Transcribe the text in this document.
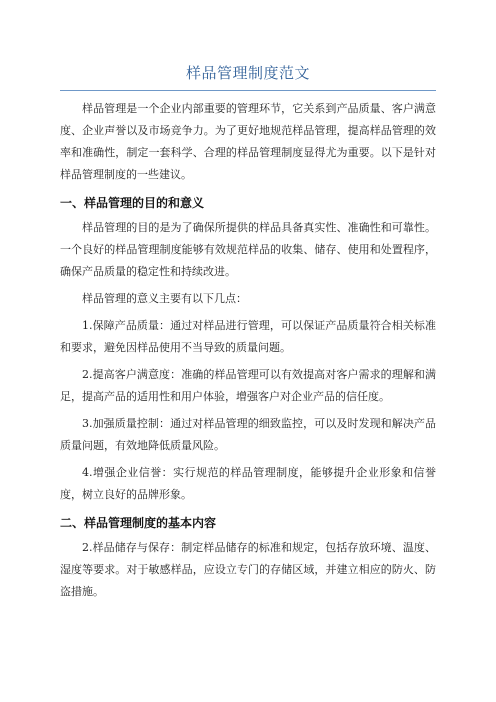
样品管理制度范文

样品管理是一个企业内部重要的管理环节，它关系到产品质量、客户满意度、企业声誉以及市场竞争力。为了更好地规范样品管理，提高样品管理的效率和准确性，制定一套科学、合理的样品管理制度显得尤为重要。以下是针对样品管理制度的一些建议。

一、样品管理的目的和意义

样品管理的目的是为了确保所提供的样品具备真实性、准确性和可靠性。一个良好的样品管理制度能够有效规范样品的收集、储存、使用和处置程序，确保产品质量的稳定性和持续改进。

样品管理的意义主要有以下几点：

1.保障产品质量：通过对样品进行管理，可以保证产品质量符合相关标准和要求，避免因样品使用不当导致的质量问题。

2.提高客户满意度：准确的样品管理可以有效提高对客户需求的理解和满足，提高产品的适用性和用户体验，增强客户对企业产品的信任度。

3.加强质量控制：通过对样品管理的细致监控，可以及时发现和解决产品质量问题，有效地降低质量风险。

4.增强企业信誉：实行规范的样品管理制度，能够提升企业形象和信誉度，树立良好的品牌形象。

二、样品管理制度的基本内容

2.样品储存与保存：制定样品储存的标准和规定，包括存放环境、温度、湿度等要求。对于敏感样品，应设立专门的存储区域，并建立相应的防火、防盗措施。
